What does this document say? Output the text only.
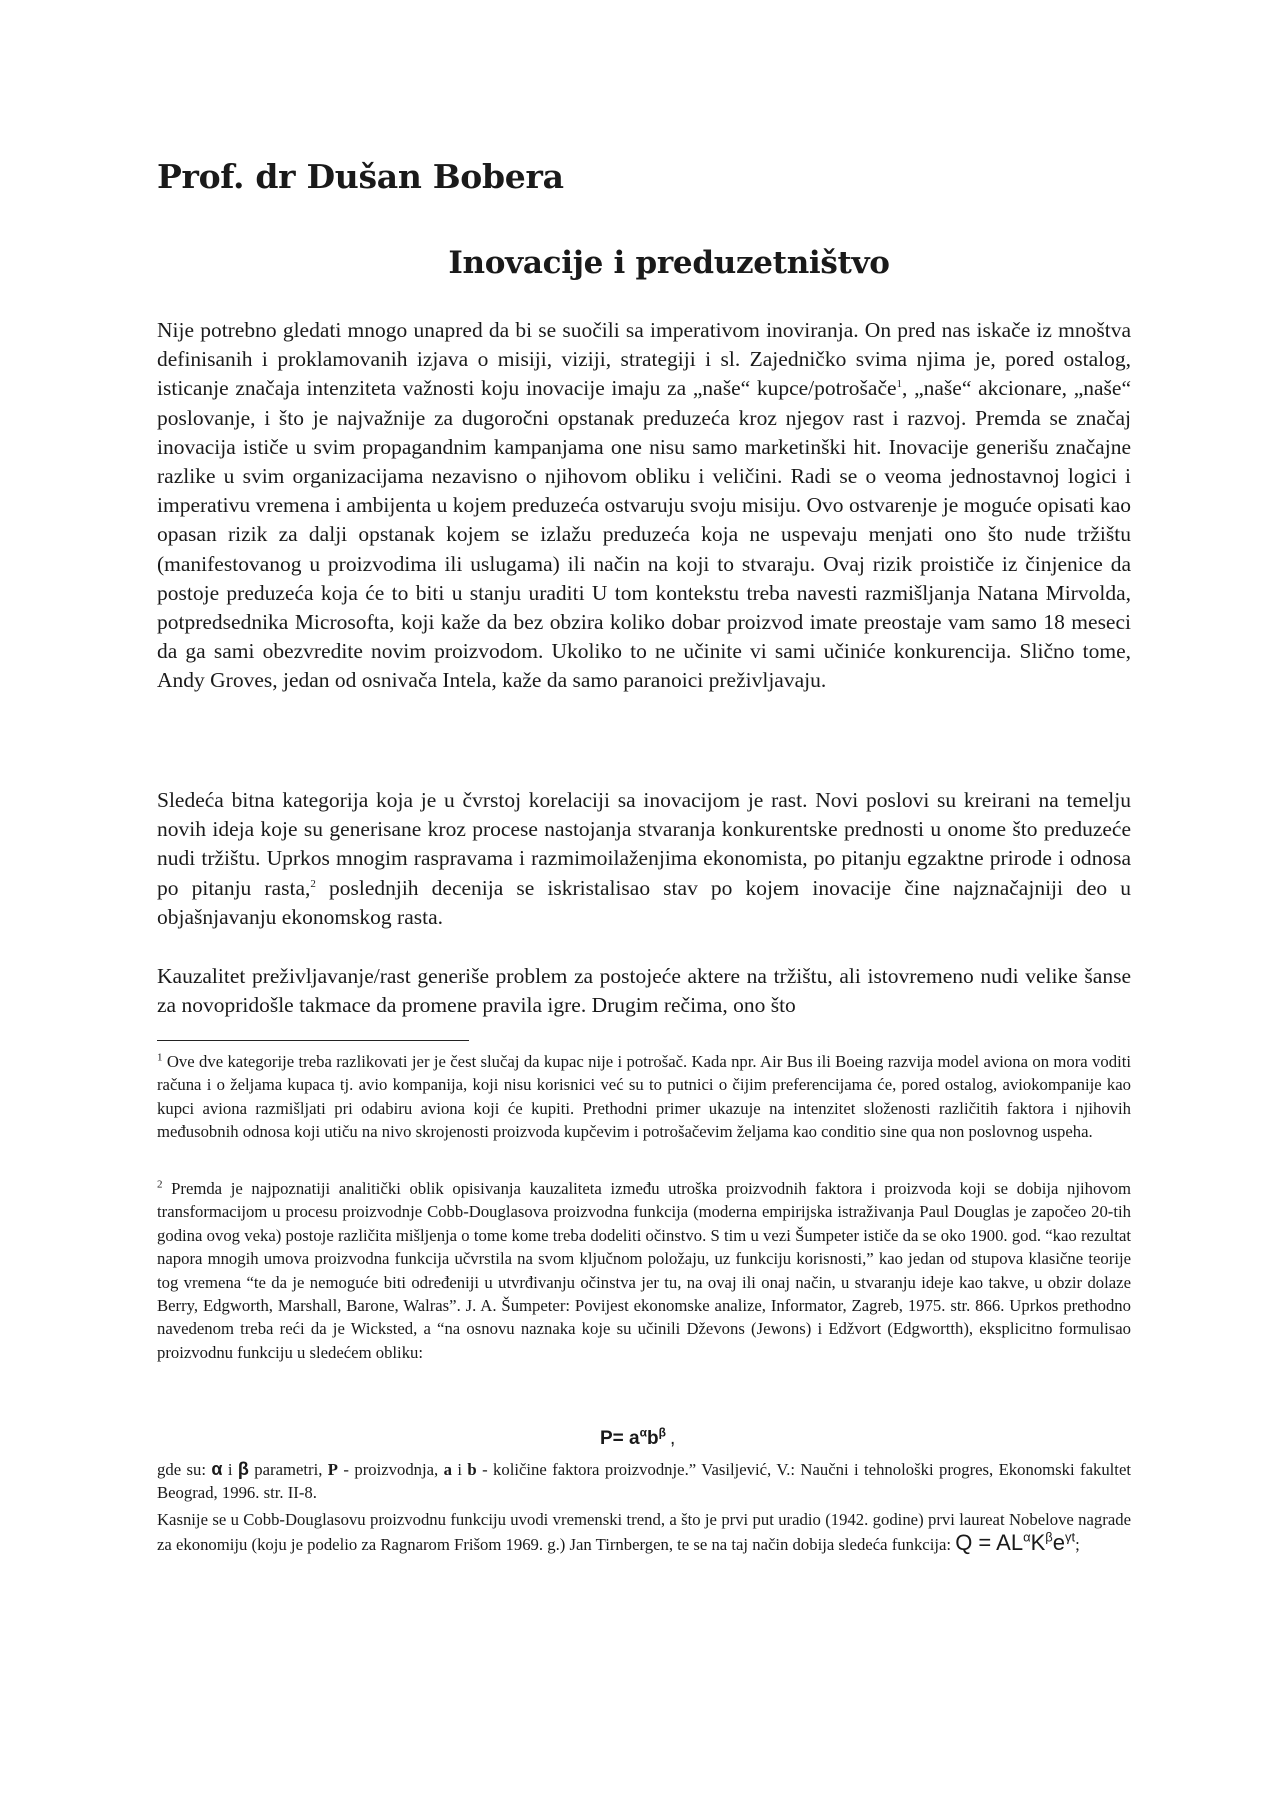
Prof. dr Dušan Bobera
Inovacije i preduzetništvo

Nije potrebno gledati mnogo unapred da bi se suočili sa imperativom inoviranja. On pred nas iskače iz mnoštva definisanih i proklamovanih izjava o misiji, viziji, strategiji i sl. Zajedničko svima njima je, pored ostalog, isticanje značaja intenziteta važnosti koju inovacije imaju za „naše“ kupce/potrošače$^1$, „naše“ akcionare, „naše“ poslovanje, i što je najvažnije za dugoročni opstanak preduzeća kroz njegov rast i razvoj. Premda se značaj inovacija ističe u svim propagandnim kampanjama one nisu samo marketinški hit. Inovacije generišu značajne razlike u svim organizacijama nezavisno o njihovom obliku i veličini. Radi se o veoma jednostavnoj logici i imperativu vremena i ambijenta u kojem preduzeća ostvaruju svoju misiju. Ovo ostvarenje je moguće opisati kao opasan rizik za dalji opstanak kojem se izlažu preduzeća koja ne uspevaju menjati ono što nude tržištu (manifestovanog u proizvodima ili uslugama) ili način na koji to stvaraju. Ovaj rizik proističe iz činjenice da postoje preduzeća koja će to biti u stanju uraditi U tom kontekstu treba navesti razmišljanja Natana Mirvolda, potpredsednika Microsofta, koji kaže da bez obzira koliko dobar proizvod imate preostaje vam samo 18 meseci da ga sami obezvredite novim proizvodom. Ukoliko to ne učinite vi sami učiniće konkurencija. Slično tome, Andy Groves, jedan od osnivača Intela, kaže da samo paranoici preživljavaju.

Sledeća bitna kategorija koja je u čvrstoj korelaciji sa inovacijom je rast. Novi poslovi su kreirani na temelju novih ideja koje su generisane kroz procese nastojanja stvaranja konkurentske prednosti u onome što preduzeće nudi tržištu. Uprkos mnogim raspravama i razmimoilaženjima ekonomista, po pitanju egzaktne prirode i odnosa po pitanju rasta,$^2$ poslednjih decenija se iskristalisao stav po kojem inovacije čine najznačajniji deo u objašnjavanju ekonomskog rasta.

Kauzalitet preživljavanje/rast generiše problem za postojeće aktere na tržištu, ali istovremeno nudi velike šanse za novopridošle takmace da promene pravila igre. Drugim rečima, ono što

$^1$ Ove dve kategorije treba razlikovati jer je čest slučaj da kupac nije i potrošač. Kada npr. Air Bus ili Boeing razvija model aviona on mora voditi računa i o željama kupaca tj. avio kompanija, koji nisu korisnici već su to putnici o čijim preferencijama će, pored ostalog, aviokompanije kao kupci aviona razmišljati pri odabiru aviona koji će kupiti. Prethodni primer ukazuje na intenzitet složenosti različitih faktora i njihovih međusobnih odnosa koji utiču na nivo skrojenosti proizvoda kupčevim i potrošačevim željama kao conditio sine qua non poslovnog uspeha.

$^2$ Premda je najpoznatiji analitički oblik opisivanja kauzaliteta između utroška proizvodnih faktora i proizvoda koji se dobija njihovom transformacijom u procesu proizvodnje Cobb-Douglasova proizvodna funkcija (moderna empirijska istraživanja Paul Douglas je započeo 20-tih godina ovog veka) postoje različita mišljenja o tome kome treba dodeliti očinstvo. S tim u vezi Šumpeter ističe da se oko 1900. god. “kao rezultat napora mnogih umova proizvodna funkcija učvrstila na svom ključnom položaju, uz funkciju korisnosti,” kao jedan od stupova klasične teorije tog vremena “te da je nemoguće biti određeniji u utvrđivanju očinstva jer tu, na ovaj ili onaj način, u stvaranju ideje kao takve, u obzir dolaze Berry, Edgworth, Marshall, Barone, Walras”. J. A. Šumpeter: Povijest ekonomske analize, Informator, Zagreb, 1975. str. 866. Uprkos prethodno navedenom treba reći da je Wicksted, a “na osnovu naznaka koje su učinili Dževons (Jewons) i Edžvort (Edgwortth), eksplicitno formulisao proizvodnu funkciju u sledećem obliku:

$P= a^\alpha b^\beta$ ,

gde su: α i β parametri, P - proizvodnja, a i b - količine faktora proizvodnje.” Vasiljević, V.: Naučni i tehnološki progres, Ekonomski fakultet Beograd, 1996. str. II-8.

Kasnije se u Cobb-Douglasovu proizvodnu funkciju uvodi vremenski trend, a što je prvi put uradio (1942. godine) prvi laureat Nobelove nagrade za ekonomiju (koju je podelio za Ragnarom Frišom 1969. g.) Jan Tirnbergen, te se na taj način dobija sledeća funkcija: $Q = AL^\alpha K^\beta e^{\gamma t}$;
